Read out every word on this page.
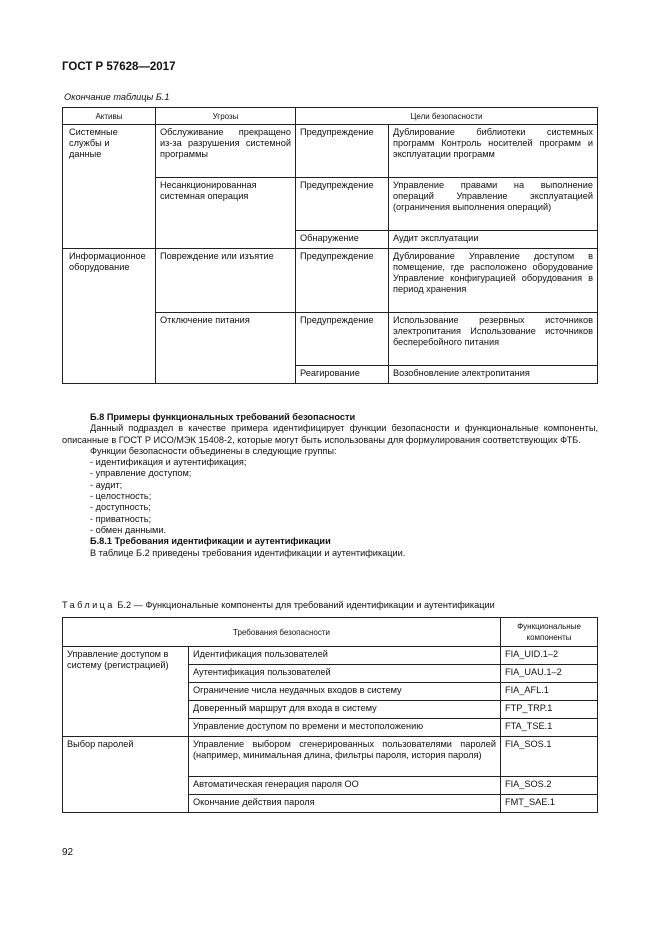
ГОСТ Р 57628—2017
Окончание таблицы Б.1
Активы	Угрозы	Цели безопасности	

Системные службы и данные	Обслуживание прекращено из-за разрушения системной программы	Предупреждение	Дублирование библиотеки системных программ Контроль носителей программ и эксплуатации программ
	Несанкционированная системная операция	Предупреждение	Управление правами на выполнение операций Управление эксплуатацией (ограничения выполнения операций)
		Обнаружение	Аудит эксплуатации

Информационное оборудование	Повреждение или изъятие	Предупреждение	Дублирование Управление доступом в помещение, где расположено оборудование Управление конфигурацией оборудования в период хранения
	Отключение питания	Предупреждение	Использование резервных источников электропитания Использование источников бесперебойного питания
		Реагирование	Возобновление электропитания
Б.8 Примеры функциональных требований безопасности
Данный подраздел в качестве примера идентифицирует функции безопасности и функциональные компоненты, описанные в ГОСТ Р ИСО/МЭК 15408-2, которые могут быть использованы для формулирования соответствующих ФТБ.
Функции безопасности объединены в следующие группы:
- идентификация и аутентификация;
- управление доступом;
- аудит;
- целостность;
- доступность;
- приватность;
- обмен данными.
Б.8.1 Требования идентификации и аутентификации
В таблице Б.2 приведены требования идентификации и аутентификации.
Таблица Б.2 — Функциональные компоненты для требований идентификации и аутентификации
Требования безопасности		Функциональные компоненты
Управление доступом в систему (регистрацией)	Идентификация пользователей	FIA_UID.1–2
	Аутентификация пользователей	FIA_UAU.1–2
	Ограничение числа неудачных входов в систему	FIA_AFL.1
	Доверенный маршрут для входа в систему	FTP_TRP.1
	Управление доступом по времени и местоположению	FTA_TSE.1
Выбор паролей	Управление выбором сгенерированных пользователями паролей (например, минимальная длина, фильтры пароля, история пароля)	FIA_SOS.1
	Автоматическая генерация пароля ОО	FIA_SOS.2
	Окончание действия пароля	FMT_SAE.1
92
